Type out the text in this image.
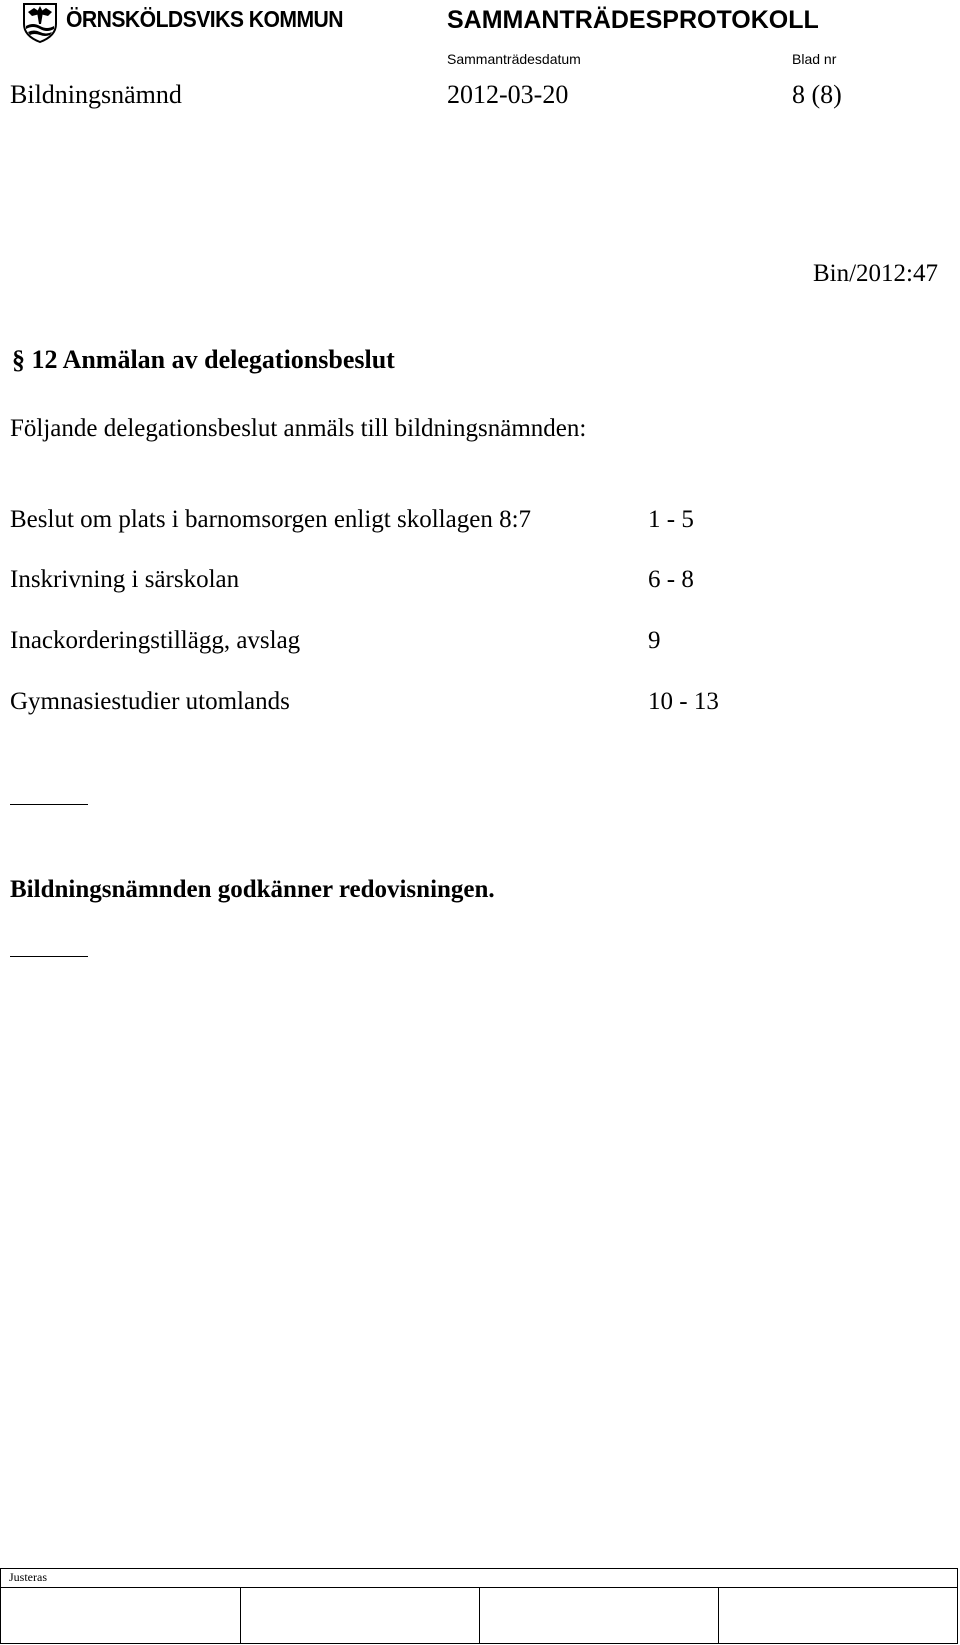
ÖRNSKÖLDSVIKS KOMMUN	SAMMANTRÄDESPROTOKOLL
Sammanträdesdatum	Blad nr
Bildningsnämnd	2012-03-20	8 (8)
Bin/2012:47
§ 12 Anmälan av delegationsbeslut
Följande delegationsbeslut anmäls till bildningsnämnden:
Beslut om plats i barnomsorgen enligt skollagen 8:7	1 - 5
Inskrivning i särskolan	6 - 8
Inackorderingstillägg, avslag	9
Gymnasiestudier utomlands	10 - 13
Bildningsnämnden godkänner redovisningen.
Justeras
